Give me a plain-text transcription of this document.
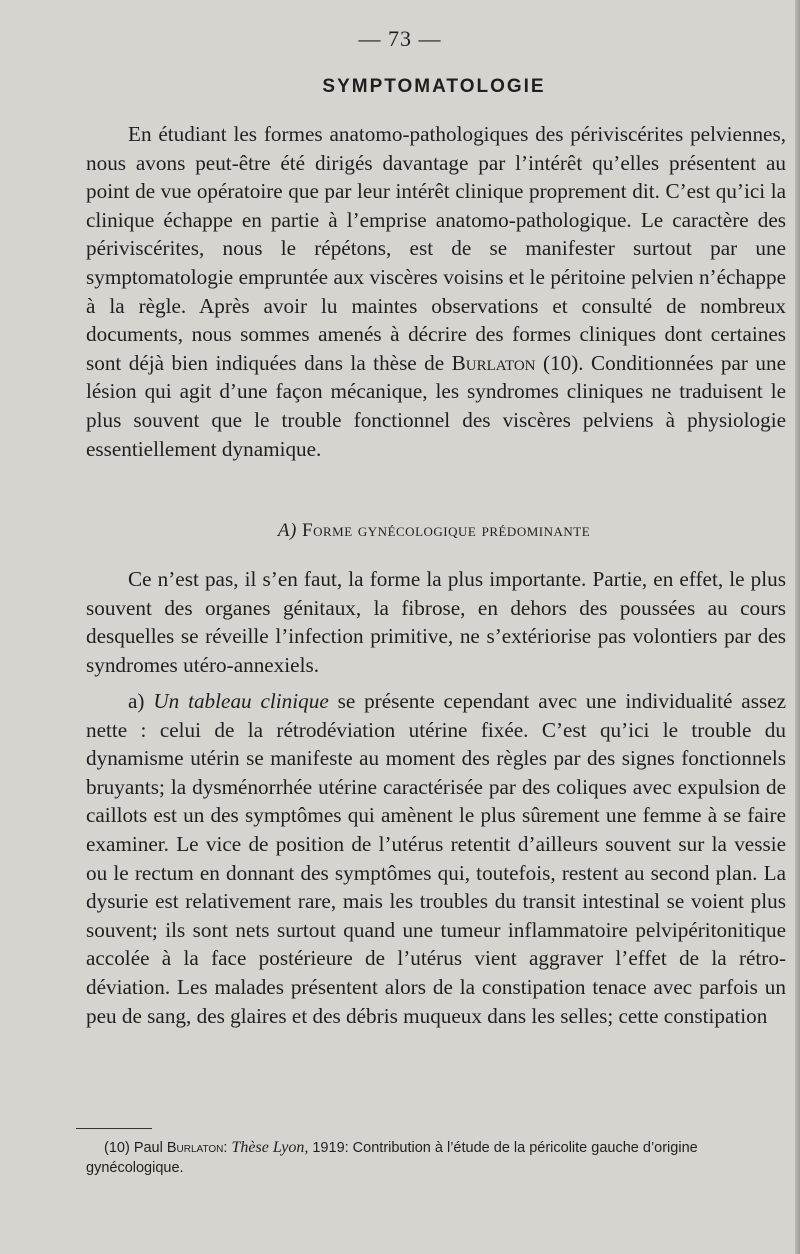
— 73 —
SYMPTOMATOLOGIE

En étudiant les formes anatomo-pathologiques des périviscérites pelviennes, nous avons peut-être été dirigés davantage par l’intérêt qu’elles présentent au point de vue opératoire que par leur intérêt clinique proprement dit. C’est qu’ici la clinique échappe en partie à l’emprise anatomo-pathologique. Le caractère des périviscérites, nous le répétons, est de se manifester surtout par une symptomatologie empruntée aux viscères voisins et le péritoine pelvien n’échappe à la règle. Après avoir lu maintes observations et consulté de nombreux documents, nous sommes amenés à décrire des formes cliniques dont certaines sont déjà bien indiquées dans la thèse de Burlaton (10). Conditionnées par une lésion qui agit d’une façon mécanique, les syndromes cliniques ne traduisent le plus souvent que le trouble fonctionnel des viscères pelviens à physiologie essentiellement dynamique.

A) Forme gynécologique prédominante

Ce n’est pas, il s’en faut, la forme la plus importante. Partie, en effet, le plus souvent des organes génitaux, la fibrose, en dehors des poussées au cours desquelles se réveille l’infection primitive, ne s’extériorise pas volontiers par des syndromes utéro-annexiels.

a) Un tableau clinique se présente cependant avec une individualité assez nette : celui de la rétrodéviation utérine fixée. C’est qu’ici le trouble du dynamisme utérin se manifeste au moment des règles par des signes fonctionnels bruyants; la dysménorrhée utérine caractérisée par des coliques avec expulsion de caillots est un des symptômes qui amènent le plus sûrement une femme à se faire examiner. Le vice de position de l’utérus retentit d’ailleurs souvent sur la vessie ou le rectum en donnant des symptômes qui, toutefois, restent au second plan. La dysurie est relativement rare, mais les troubles du transit intestinal se voient plus souvent; ils sont nets surtout quand une tumeur inflammatoire pelvipéritonitique accolée à la face postérieure de l’utérus vient aggraver l’effet de la rétro-déviation. Les malades présentent alors de la constipation tenace avec parfois un peu de sang, des glaires et des débris muqueux dans les selles; cette constipation

(10) Paul Burlaton: Thèse Lyon, 1919: Contribution à l’étude de la péricolite gauche d’origine gynécologique.
